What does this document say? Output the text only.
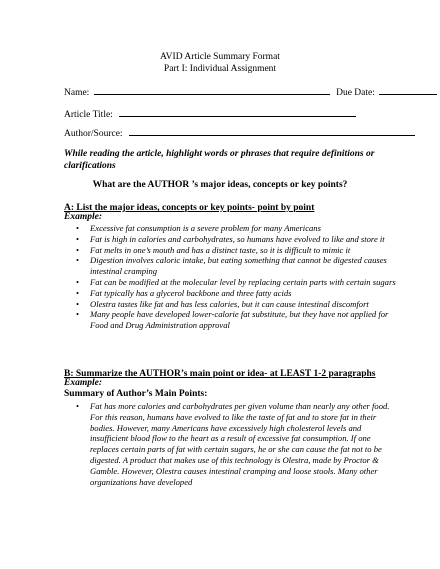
AVID Article Summary Format
Part I: Individual Assignment
Name:	Due Date:
Article Title:
Author/Source:
While reading the article, highlight words or phrases that require definitions or clarifications
What are the AUTHOR ’s major ideas, concepts or key points?
A: List the major ideas, concepts or key points- point by point
Example:
• Excessive fat consumption is a severe problem for many Americans
• Fat is high in calories and carbohydrates, so humans have evolved to like and store it
• Fat melts in one’s mouth and has a distinct taste, so it is difficult to mimic it
• Digestion involves caloric intake, but eating something that cannot be digested causes intestinal cramping
• Fat can be modified at the molecular level by replacing certain parts with certain sugars
• Fat typically has a glycerol backbone and three fatty acids
• Olestra tastes like fat and has less calories, but it can cause intestinal discomfort
• Many people have developed lower-calorie fat substitute, but they have not applied for Food and Drug Administration approval
B: Summarize the AUTHOR’s main point or idea- at LEAST 1-2 paragraphs
Example:
Summary of Author’s Main Points:
• Fat has more calories and carbohydrates per given volume than nearly any other food. For this reason, humans have evolved to like the taste of fat and to store fat in their bodies. However, many Americans have excessively high cholesterol levels and insufficient blood flow to the heart as a result of excessive fat consumption. If one replaces certain parts of fat with certain sugars, he or she can cause the fat not to be digested. A product that makes use of this technology is Olestra, made by Proctor & Gamble. However, Olestra causes intestinal cramping and loose stools. Many other organizations have developed
